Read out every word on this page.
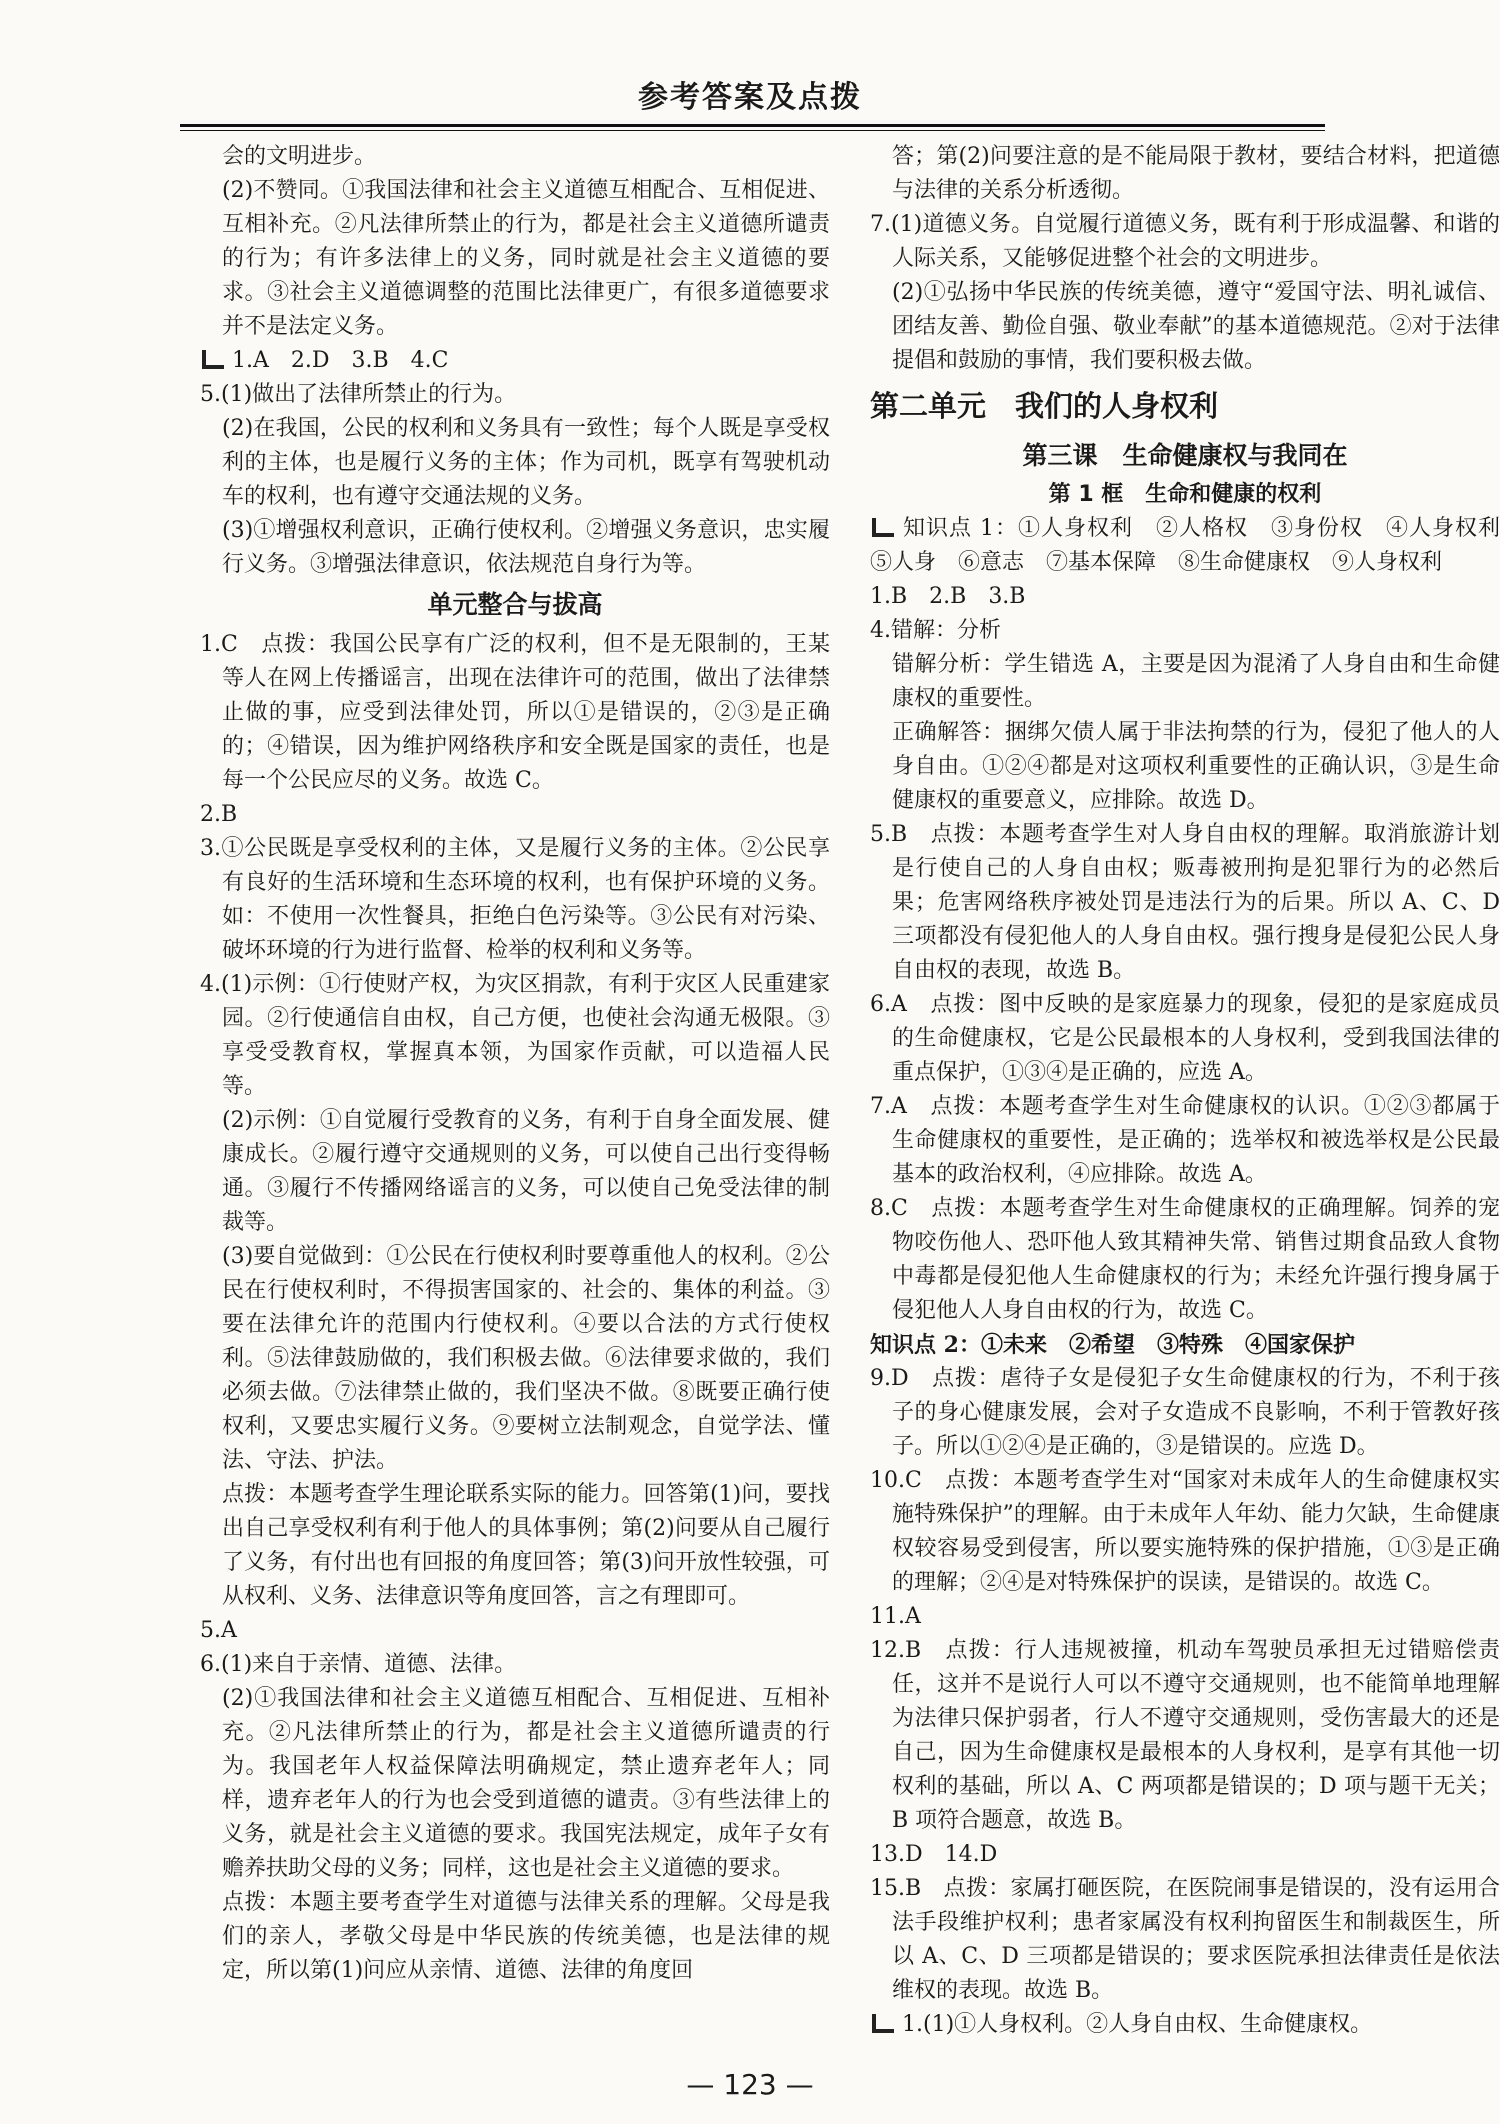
参考答案及点拨

会的文明进步。

(2)不赞同。①我国法律和社会主义道德互相配合、互相促进、互相补充。②凡法律所禁止的行为，都是社会主义道德所谴责的行为；有许多法律上的义务，同时就是社会主义道德的要求。③社会主义道德调整的范围比法律更广，有很多道德要求并不是法定义务。

1.A　2.D　3.B　4.C

5.(1)做出了法律所禁止的行为。

(2)在我国，公民的权利和义务具有一致性；每个人既是享受权利的主体，也是履行义务的主体；作为司机，既享有驾驶机动车的权利，也有遵守交通法规的义务。

(3)①增强权利意识，正确行使权利。②增强义务意识，忠实履行义务。③增强法律意识，依法规范自身行为等。

单元整合与拔高

1.C　点拨：我国公民享有广泛的权利，但不是无限制的，王某等人在网上传播谣言，出现在法律许可的范围，做出了法律禁止做的事，应受到法律处罚，所以①是错误的，②③是正确的；④错误，因为维护网络秩序和安全既是国家的责任，也是每一个公民应尽的义务。故选 C。

2.B

3.①公民既是享受权利的主体，又是履行义务的主体。②公民享有良好的生活环境和生态环境的权利，也有保护环境的义务。如：不使用一次性餐具，拒绝白色污染等。③公民有对污染、破坏环境的行为进行监督、检举的权利和义务等。

4.(1)示例：①行使财产权，为灾区捐款，有利于灾区人民重建家园。②行使通信自由权，自己方便，也使社会沟通无极限。③享受受教育权，掌握真本领，为国家作贡献，可以造福人民等。

(2)示例：①自觉履行受教育的义务，有利于自身全面发展、健康成长。②履行遵守交通规则的义务，可以使自己出行变得畅通。③履行不传播网络谣言的义务，可以使自己免受法律的制裁等。

(3)要自觉做到：①公民在行使权利时要尊重他人的权利。②公民在行使权利时，不得损害国家的、社会的、集体的利益。③要在法律允许的范围内行使权利。④要以合法的方式行使权利。⑤法律鼓励做的，我们积极去做。⑥法律要求做的，我们必须去做。⑦法律禁止做的，我们坚决不做。⑧既要正确行使权利，又要忠实履行义务。⑨要树立法制观念，自觉学法、懂法、守法、护法。

点拨：本题考查学生理论联系实际的能力。回答第(1)问，要找出自己享受权利有利于他人的具体事例；第(2)问要从自己履行了义务，有付出也有回报的角度回答；第(3)问开放性较强，可从权利、义务、法律意识等角度回答，言之有理即可。

5.A

6.(1)来自于亲情、道德、法律。

(2)①我国法律和社会主义道德互相配合、互相促进、互相补充。②凡法律所禁止的行为，都是社会主义道德所谴责的行为。我国老年人权益保障法明确规定，禁止遗弃老年人；同样，遗弃老年人的行为也会受到道德的谴责。③有些法律上的义务，就是社会主义道德的要求。我国宪法规定，成年子女有赡养扶助父母的义务；同样，这也是社会主义道德的要求。

点拨：本题主要考查学生对道德与法律关系的理解。父母是我们的亲人，孝敬父母是中华民族的传统美德，也是法律的规定，所以第(1)问应从亲情、道德、法律的角度回

答；第(2)问要注意的是不能局限于教材，要结合材料，把道德与法律的关系分析透彻。

7.(1)道德义务。自觉履行道德义务，既有利于形成温馨、和谐的人际关系，又能够促进整个社会的文明进步。

(2)①弘扬中华民族的传统美德，遵守“爱国守法、明礼诚信、团结友善、勤俭自强、敬业奉献”的基本道德规范。②对于法律提倡和鼓励的事情，我们要积极去做。

第二单元　我们的人身权利

第三课　生命健康权与我同在

第 1 框　生命和健康的权利

知识点 1：①人身权利　②人格权　③身份权　④人身权利　⑤人身　⑥意志　⑦基本保障　⑧生命健康权　⑨人身权利

1.B　2.B　3.B

4.错解：分析

错解分析：学生错选 A，主要是因为混淆了人身自由和生命健康权的重要性。

正确解答：捆绑欠债人属于非法拘禁的行为，侵犯了他人的人身自由。①②④都是对这项权利重要性的正确认识，③是生命健康权的重要意义，应排除。故选 D。

5.B　点拨：本题考查学生对人身自由权的理解。取消旅游计划是行使自己的人身自由权；贩毒被刑拘是犯罪行为的必然后果；危害网络秩序被处罚是违法行为的后果。所以 A、C、D 三项都没有侵犯他人的人身自由权。强行搜身是侵犯公民人身自由权的表现，故选 B。

6.A　点拨：图中反映的是家庭暴力的现象，侵犯的是家庭成员的生命健康权，它是公民最根本的人身权利，受到我国法律的重点保护，①③④是正确的，应选 A。

7.A　点拨：本题考查学生对生命健康权的认识。①②③都属于生命健康权的重要性，是正确的；选举权和被选举权是公民最基本的政治权利，④应排除。故选 A。

8.C　点拨：本题考查学生对生命健康权的正确理解。饲养的宠物咬伤他人、恐吓他人致其精神失常、销售过期食品致人食物中毒都是侵犯他人生命健康权的行为；未经允许强行搜身属于侵犯他人人身自由权的行为，故选 C。

知识点 2：①未来　②希望　③特殊　④国家保护

9.D　点拨：虐待子女是侵犯子女生命健康权的行为，不利于孩子的身心健康发展，会对子女造成不良影响，不利于管教好孩子。所以①②④是正确的，③是错误的。应选 D。

10.C　点拨：本题考查学生对“国家对未成年人的生命健康权实施特殊保护”的理解。由于未成年人年幼、能力欠缺，生命健康权较容易受到侵害，所以要实施特殊的保护措施，①③是正确的理解；②④是对特殊保护的误读，是错误的。故选 C。

11.A

12.B　点拨：行人违规被撞，机动车驾驶员承担无过错赔偿责任，这并不是说行人可以不遵守交通规则，也不能简单地理解为法律只保护弱者，行人不遵守交通规则，受伤害最大的还是自己，因为生命健康权是最根本的人身权利，是享有其他一切权利的基础，所以 A、C 两项都是错误的；D 项与题干无关；B 项符合题意，故选 B。

13.D　14.D

15.B　点拨：家属打砸医院，在医院闹事是错误的，没有运用合法手段维护权利；患者家属没有权利拘留医生和制裁医生，所以 A、C、D 三项都是错误的；要求医院承担法律责任是依法维权的表现。故选 B。

1.(1)①人身权利。②人身自由权、生命健康权。

— 123 —
